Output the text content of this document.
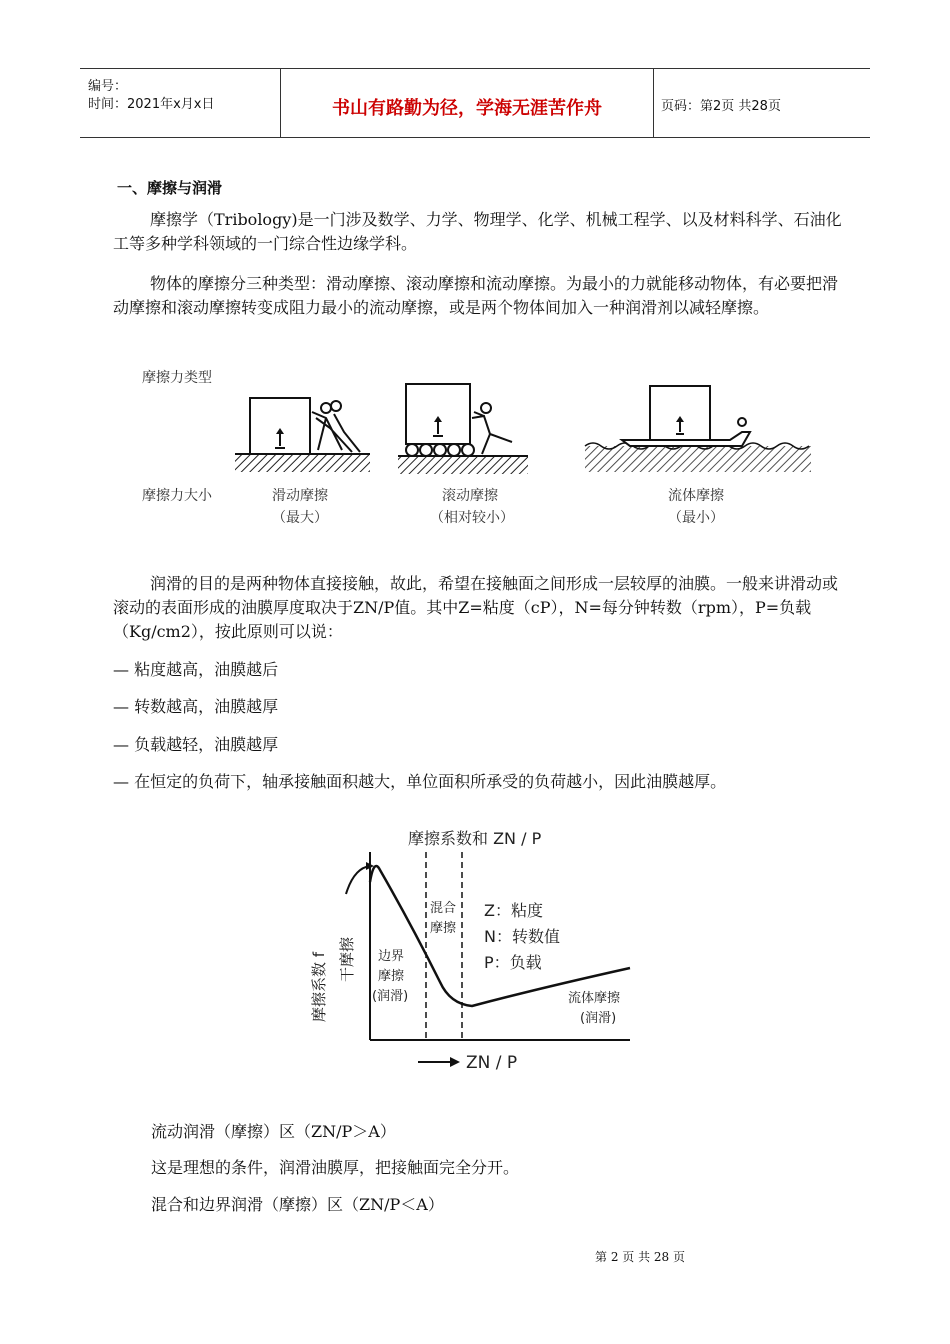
编号：
时间：2021年x月x日	书山有路勤为径，学海无涯苦作舟	页码：第2页 共28页
一、摩擦与润滑

摩擦学（Tribology)是一门涉及数学、力学、物理学、化学、机械工程学、以及材料科学、石油化工等多种学科领域的一门综合性边缘学科。

物体的摩擦分三种类型：滑动摩擦、滚动摩擦和流动摩擦。为最小的力就能移动物体，有必要把滑动摩擦和滚动摩擦转变成阻力最小的流动摩擦，或是两个物体间加入一种润滑剂以减轻摩擦。

摩擦力类型
摩擦力大小	滑动摩擦
（最大）
滚动摩擦
（相对较小）
流体摩擦
（最小）

润滑的目的是两种物体直接接触，故此，希望在接触面之间形成一层较厚的油膜。一般来讲滑动或滚动的表面形成的油膜厚度取决于ZN/P值。其中Z=粘度（cP），N=每分钟转数（rpm），P=负载（Kg/cm2），按此原则可以说：

— 粘度越高，油膜越后
— 转数越高，油膜越厚
— 负载越轻，油膜越厚
— 在恒定的负荷下，轴承接触面积越大，单位面积所承受的负荷越小，因此油膜越厚。
摩擦系数和 ZN / P
摩擦系数 f 干摩擦 边界
摩擦
(润滑)
混合
摩擦
Z：粘度
N：转数值
P：负载
流体摩擦
(润滑)
ZN / P
流动润滑（摩擦）区（ZN/P＞A）
这是理想的条件，润滑油膜厚，把接触面完全分开。
混合和边界润滑（摩擦）区（ZN/P＜A）
第 2 页 共 28 页
